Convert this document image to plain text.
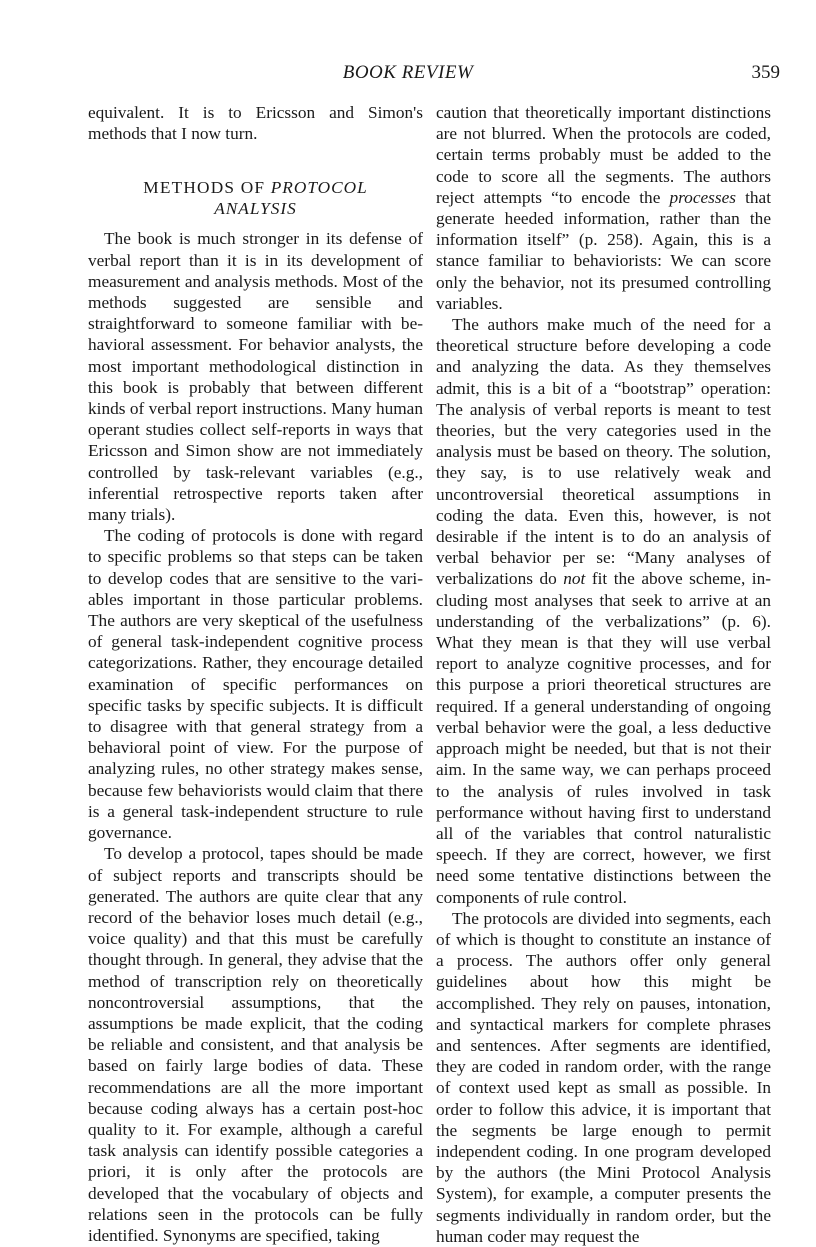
BOOK REVIEW	359

equivalent. It is to Ericsson and Simon's methods that I now turn.

METHODS OF PROTOCOL
ANALYSIS

The book is much stronger in its defense of verbal report than it is in its development of measurement and analysis methods. Most of the methods suggested are sensible and straightforward to someone familiar with behavioral assessment. For behavior analysts, the most important methodological distinction in this book is probably that between different kinds of verbal report instructions. Many human operant studies collect self-reports in ways that Ericsson and Simon show are not immediately controlled by task-relevant variables (e.g., inferential retrospective reports taken after many trials).

The coding of protocols is done with regard to specific problems so that steps can be taken to develop codes that are sensitive to the variables important in those particular problems. The authors are very skeptical of the usefulness of general task-independent cognitive process categorizations. Rather, they encourage detailed examination of specific performances on specific tasks by specific subjects. It is difficult to disagree with that general strategy from a behavioral point of view. For the purpose of analyzing rules, no other strategy makes sense, because few behaviorists would claim that there is a general task-independent structure to rule governance.

To develop a protocol, tapes should be made of subject reports and transcripts should be generated. The authors are quite clear that any record of the behavior loses much detail (e.g., voice quality) and that this must be carefully thought through. In general, they advise that the method of transcription rely on theoretically noncontroversial assumptions, that the assumptions be made explicit, that the coding be reliable and consistent, and that analysis be based on fairly large bodies of data. These recommendations are all the more important because coding always has a certain post-hoc quality to it. For example, although a careful task analysis can identify possible categories a priori, it is only after the protocols are developed that the vocabulary of objects and relations seen in the protocols can be fully identified. Synonyms are specified, taking

caution that theoretically important distinctions are not blurred. When the protocols are coded, certain terms probably must be added to the code to score all the segments. The authors reject attempts “to encode the processes that generate heeded information, rather than the information itself” (p. 258). Again, this is a stance familiar to behaviorists: We can score only the behavior, not its presumed controlling variables.

The authors make much of the need for a theoretical structure before developing a code and analyzing the data. As they themselves admit, this is a bit of a “bootstrap” operation: The analysis of verbal reports is meant to test theories, but the very categories used in the analysis must be based on theory. The solution, they say, is to use relatively weak and uncontroversial theoretical assumptions in coding the data. Even this, however, is not desirable if the intent is to do an analysis of verbal behavior per se: “Many analyses of verbalizations do not fit the above scheme, including most analyses that seek to arrive at an understanding of the verbalizations” (p. 6). What they mean is that they will use verbal report to analyze cognitive processes, and for this purpose a priori theoretical structures are required. If a general understanding of ongoing verbal behavior were the goal, a less deductive approach might be needed, but that is not their aim. In the same way, we can perhaps proceed to the analysis of rules involved in task performance without having first to understand all of the variables that control naturalistic speech. If they are correct, however, we first need some tentative distinctions between the components of rule control.

The protocols are divided into segments, each of which is thought to constitute an instance of a process. The authors offer only general guidelines about how this might be accomplished. They rely on pauses, intonation, and syntactical markers for complete phrases and sentences. After segments are identified, they are coded in random order, with the range of context used kept as small as possible. In order to follow this advice, it is important that the segments be large enough to permit independent coding. In one program developed by the authors (the Mini Protocol Analysis System), for example, a computer presents the segments individually in random order, but the human coder may request the
